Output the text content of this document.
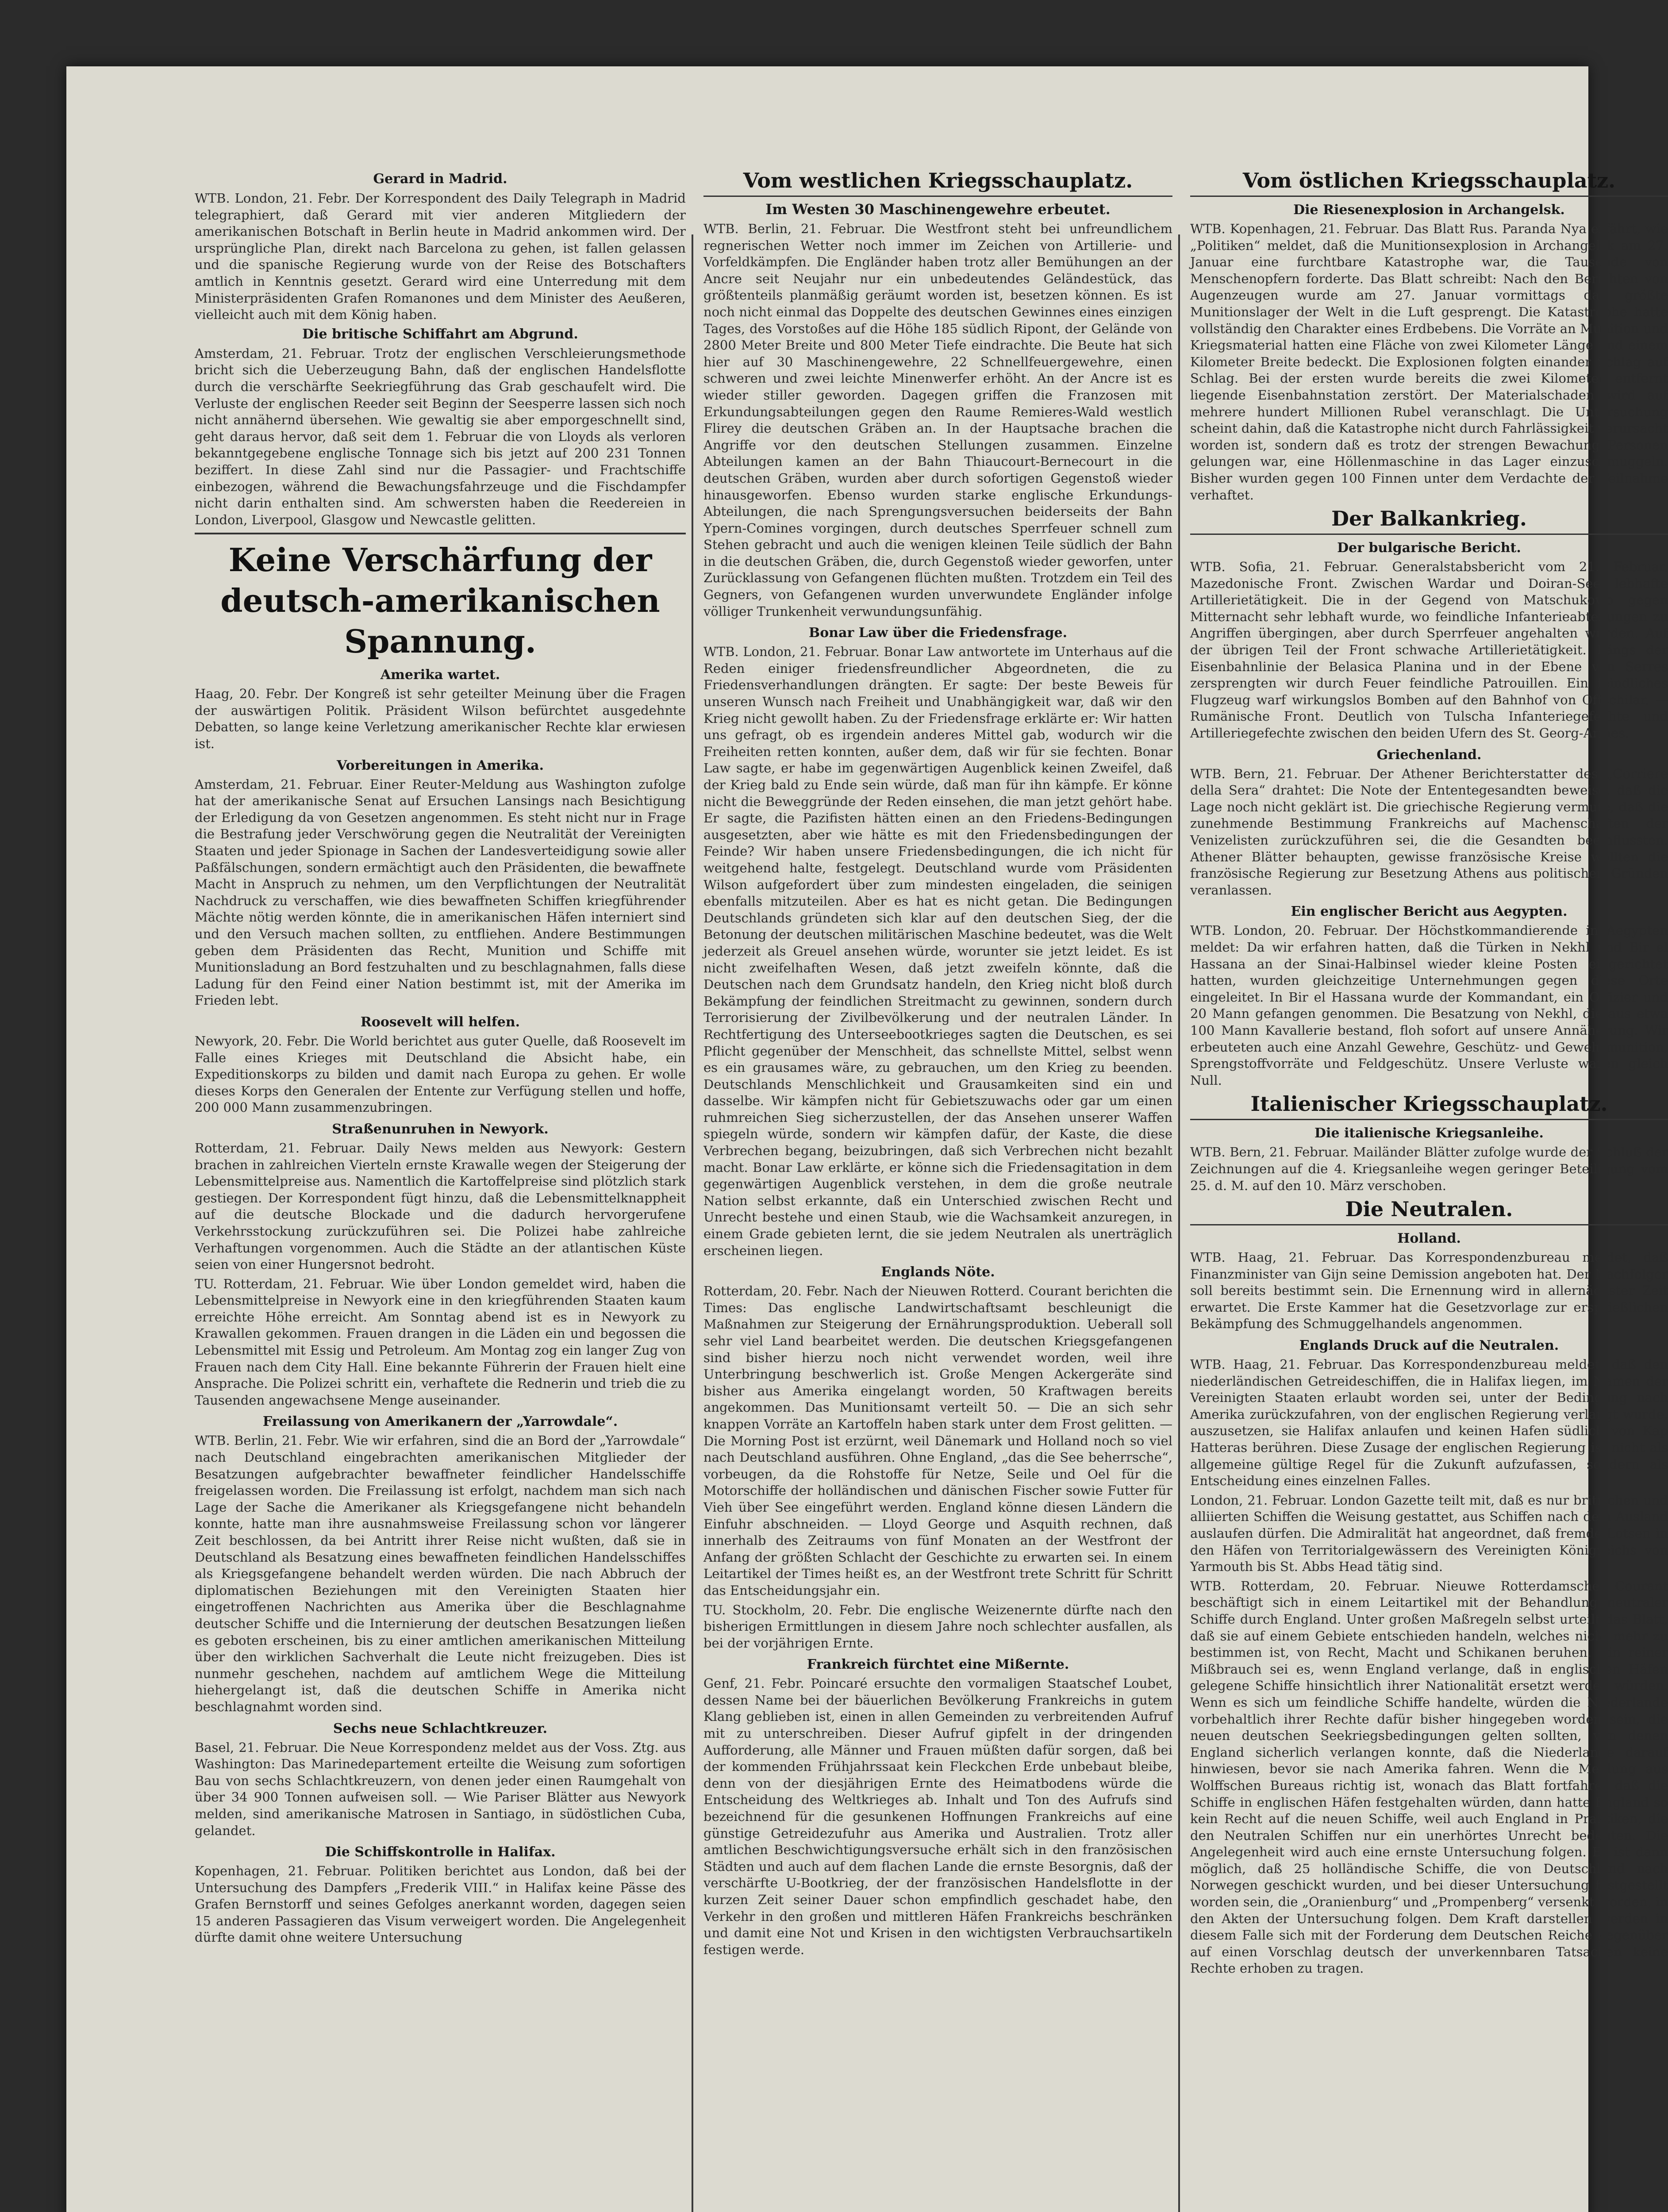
Gerard in Madrid.

WTB. London, 21. Febr. Der Korrespondent des Daily Telegraph in Madrid telegraphiert, daß Gerard mit vier anderen Mitgliedern der amerikanischen Botschaft in Berlin heute in Madrid ankommen wird. Der ursprüngliche Plan, direkt nach Barcelona zu gehen, ist fallen gelassen und die spanische Regierung wurde von der Reise des Botschafters amtlich in Kenntnis gesetzt. Gerard wird eine Unterredung mit dem Ministerpräsidenten Grafen Romanones und dem Minister des Aeußeren, vielleicht auch mit dem König haben.

Die britische Schiffahrt am Abgrund.

Amsterdam, 21. Februar. Trotz der englischen Verschleierungsmethode bricht sich die Ueberzeugung Bahn, daß der englischen Handelsflotte durch die verschärfte Seekriegführung das Grab geschaufelt wird. Die Verluste der englischen Reeder seit Beginn der Seesperre lassen sich noch nicht annähernd übersehen. Wie gewaltig sie aber emporgeschnellt sind, geht daraus hervor, daß seit dem 1. Februar die von Lloyds als verloren bekanntgegebene englische Tonnage sich bis jetzt auf 200 231 Tonnen beziffert. In diese Zahl sind nur die Passagier- und Frachtschiffe einbezogen, während die Bewachungsfahrzeuge und die Fischdampfer nicht darin enthalten sind. Am schwersten haben die Reedereien in London, Liverpool, Glasgow und Newcastle gelitten.

Keine Verschärfung der deutsch-amerikanischen Spannung.
Amerika wartet.

Haag, 20. Febr. Der Kongreß ist sehr geteilter Meinung über die Fragen der auswärtigen Politik. Präsident Wilson befürchtet ausgedehnte Debatten, so lange keine Verletzung amerikanischer Rechte klar erwiesen ist.

Vorbereitungen in Amerika.

Amsterdam, 21. Februar. Einer Reuter-Meldung aus Washington zufolge hat der amerikanische Senat auf Ersuchen Lansings nach Besichtigung der Erledigung da von Gesetzen angenommen. Es steht nicht nur in Frage die Bestrafung jeder Verschwörung gegen die Neutralität der Vereinigten Staaten und jeder Spionage in Sachen der Landesverteidigung sowie aller Paßfälschungen, sondern ermächtigt auch den Präsidenten, die bewaffnete Macht in Anspruch zu nehmen, um den Verpflichtungen der Neutralität Nachdruck zu verschaffen, wie dies bewaffneten Schiffen kriegführender Mächte nötig werden könnte, die in amerikanischen Häfen interniert sind und den Versuch machen sollten, zu entfliehen. Andere Bestimmungen geben dem Präsidenten das Recht, Munition und Schiffe mit Munitionsladung an Bord festzuhalten und zu beschlagnahmen, falls diese Ladung für den Feind einer Nation bestimmt ist, mit der Amerika im Frieden lebt.

Roosevelt will helfen.

Newyork, 20. Febr. Die World berichtet aus guter Quelle, daß Roosevelt im Falle eines Krieges mit Deutschland die Absicht habe, ein Expeditionskorps zu bilden und damit nach Europa zu gehen. Er wolle dieses Korps den Generalen der Entente zur Verfügung stellen und hoffe, 200 000 Mann zusammenzubringen.

Straßenunruhen in Newyork.

Rotterdam, 21. Februar. Daily News melden aus Newyork: Gestern brachen in zahlreichen Vierteln ernste Krawalle wegen der Steigerung der Lebensmittelpreise aus. Namentlich die Kartoffelpreise sind plötzlich stark gestiegen. Der Korrespondent fügt hinzu, daß die Lebensmittelknappheit auf die deutsche Blockade und die dadurch hervorgerufene Verkehrsstockung zurückzuführen sei. Die Polizei habe zahlreiche Verhaftungen vorgenommen. Auch die Städte an der atlantischen Küste seien von einer Hungersnot bedroht.

TU. Rotterdam, 21. Februar. Wie über London gemeldet wird, haben die Lebensmittelpreise in Newyork eine in den kriegführenden Staaten kaum erreichte Höhe erreicht. Am Sonntag abend ist es in Newyork zu Krawallen gekommen. Frauen drangen in die Läden ein und begossen die Lebensmittel mit Essig und Petroleum. Am Montag zog ein langer Zug von Frauen nach dem City Hall. Eine bekannte Führerin der Frauen hielt eine Ansprache. Die Polizei schritt ein, verhaftete die Rednerin und trieb die zu Tausenden angewachsene Menge auseinander.

Freilassung von Amerikanern der „Yarrowdale“.

WTB. Berlin, 21. Febr. Wie wir erfahren, sind die an Bord der „Yarrowdale“ nach Deutschland eingebrachten amerikanischen Mitglieder der Besatzungen aufgebrachter bewaffneter feindlicher Handelsschiffe freigelassen worden. Die Freilassung ist erfolgt, nachdem man sich nach Lage der Sache die Amerikaner als Kriegsgefangene nicht behandeln konnte, hatte man ihre ausnahmsweise Freilassung schon vor längerer Zeit beschlossen, da bei Antritt ihrer Reise nicht wußten, daß sie in Deutschland als Besatzung eines bewaffneten feindlichen Handelsschiffes als Kriegsgefangene behandelt werden würden. Die nach Abbruch der diplomatischen Beziehungen mit den Vereinigten Staaten hier eingetroffenen Nachrichten aus Amerika über die Beschlagnahme deutscher Schiffe und die Internierung der deutschen Besatzungen ließen es geboten erscheinen, bis zu einer amtlichen amerikanischen Mitteilung über den wirklichen Sachverhalt die Leute nicht freizugeben. Dies ist nunmehr geschehen, nachdem auf amtlichem Wege die Mitteilung hiehergelangt ist, daß die deutschen Schiffe in Amerika nicht beschlagnahmt worden sind.

Sechs neue Schlachtkreuzer.

Basel, 21. Februar. Die Neue Korrespondenz meldet aus der Voss. Ztg. aus Washington: Das Marinedepartement erteilte die Weisung zum sofortigen Bau von sechs Schlachtkreuzern, von denen jeder einen Raumgehalt von über 34 900 Tonnen aufweisen soll. — Wie Pariser Blätter aus Newyork melden, sind amerikanische Matrosen in Santiago, in südöstlichen Cuba, gelandet.

Die Schiffskontrolle in Halifax.

Kopenhagen, 21. Februar. Politiken berichtet aus London, daß bei der Untersuchung des Dampfers „Frederik VIII.“ in Halifax keine Pässe des Grafen Bernstorff und seines Gefolges anerkannt worden, dagegen seien 15 anderen Passagieren das Visum verweigert worden. Die Angelegenheit dürfte damit ohne weitere Untersuchung

Vom westlichen Kriegsschauplatz.
Im Westen 30 Maschinengewehre erbeutet.

WTB. Berlin, 21. Februar. Die Westfront steht bei unfreundlichem regnerischen Wetter noch immer im Zeichen von Artillerie- und Vorfeldkämpfen. Die Engländer haben trotz aller Bemühungen an der Ancre seit Neujahr nur ein unbedeutendes Geländestück, das größtenteils planmäßig geräumt worden ist, besetzen können. Es ist noch nicht einmal das Doppelte des deutschen Gewinnes eines einzigen Tages, des Vorstoßes auf die Höhe 185 südlich Ripont, der Gelände von 2800 Meter Breite und 800 Meter Tiefe eindrachte. Die Beute hat sich hier auf 30 Maschinengewehre, 22 Schnellfeuergewehre, einen schweren und zwei leichte Minenwerfer erhöht. An der Ancre ist es wieder stiller geworden. Dagegen griffen die Franzosen mit Erkundungsabteilungen gegen den Raume Remieres-Wald westlich Flirey die deutschen Gräben an. In der Hauptsache brachen die Angriffe vor den deutschen Stellungen zusammen. Einzelne Abteilungen kamen an der Bahn Thiaucourt-Bernecourt in die deutschen Gräben, wurden aber durch sofortigen Gegenstoß wieder hinausgeworfen. Ebenso wurden starke englische Erkundungs-Abteilungen, die nach Sprengungsversuchen beiderseits der Bahn Ypern-Comines vorgingen, durch deutsches Sperrfeuer schnell zum Stehen gebracht und auch die wenigen kleinen Teile südlich der Bahn in die deutschen Gräben, die, durch Gegenstoß wieder geworfen, unter Zurücklassung von Gefangenen flüchten mußten. Trotzdem ein Teil des Gegners, von Gefangenen wurden unverwundete Engländer infolge völliger Trunkenheit verwundungsunfähig.

Bonar Law über die Friedensfrage.

WTB. London, 21. Februar. Bonar Law antwortete im Unterhaus auf die Reden einiger friedensfreundlicher Abgeordneten, die zu Friedensverhandlungen drängten. Er sagte: Der beste Beweis für unseren Wunsch nach Freiheit und Unabhängigkeit war, daß wir den Krieg nicht gewollt haben. Zu der Friedensfrage erklärte er: Wir hatten uns gefragt, ob es irgendein anderes Mittel gab, wodurch wir die Freiheiten retten konnten, außer dem, daß wir für sie fechten. Bonar Law sagte, er habe im gegenwärtigen Augenblick keinen Zweifel, daß der Krieg bald zu Ende sein würde, daß man für ihn kämpfe. Er könne nicht die Beweggründe der Reden einsehen, die man jetzt gehört habe. Er sagte, die Pazifisten hätten einen an den Friedens-Bedingungen ausgesetzten, aber wie hätte es mit den Friedensbedingungen der Feinde? Wir haben unsere Friedensbedingungen, die ich nicht für weitgehend halte, festgelegt. Deutschland wurde vom Präsidenten Wilson aufgefordert über zum mindesten eingeladen, die seinigen ebenfalls mitzuteilen. Aber es hat es nicht getan. Die Bedingungen Deutschlands gründeten sich klar auf den deutschen Sieg, der die Betonung der deutschen militärischen Maschine bedeutet, was die Welt jederzeit als Greuel ansehen würde, worunter sie jetzt leidet. Es ist nicht zweifelhaften Wesen, daß jetzt zweifeln könnte, daß die Deutschen nach dem Grundsatz handeln, den Krieg nicht bloß durch Bekämpfung der feindlichen Streitmacht zu gewinnen, sondern durch Terrorisierung der Zivilbevölkerung und der neutralen Länder. In Rechtfertigung des Unterseebootkrieges sagten die Deutschen, es sei Pflicht gegenüber der Menschheit, das schnellste Mittel, selbst wenn es ein grausames wäre, zu gebrauchen, um den Krieg zu beenden. Deutschlands Menschlichkeit und Grausamkeiten sind ein und dasselbe. Wir kämpfen nicht für Gebietszuwachs oder gar um einen ruhmreichen Sieg sicherzustellen, der das Ansehen unserer Waffen spiegeln würde, sondern wir kämpfen dafür, der Kaste, die diese Verbrechen begang, beizubringen, daß sich Verbrechen nicht bezahlt macht. Bonar Law erklärte, er könne sich die Friedensagitation in dem gegenwärtigen Augenblick verstehen, in dem die große neutrale Nation selbst erkannte, daß ein Unterschied zwischen Recht und Unrecht bestehe und einen Staub, wie die Wachsamkeit anzuregen, in einem Grade gebieten lernt, die sie jedem Neutralen als unerträglich erscheinen liegen.

Englands Nöte.

Rotterdam, 20. Febr. Nach der Nieuwen Rotterd. Courant berichten die Times: Das englische Landwirtschaftsamt beschleunigt die Maßnahmen zur Steigerung der Ernährungsproduktion. Ueberall soll sehr viel Land bearbeitet werden. Die deutschen Kriegsgefangenen sind bisher hierzu noch nicht verwendet worden, weil ihre Unterbringung beschwerlich ist. Große Mengen Ackergeräte sind bisher aus Amerika eingelangt worden, 50 Kraftwagen bereits angekommen. Das Munitionsamt verteilt 50. — Die an sich sehr knappen Vorräte an Kartoffeln haben stark unter dem Frost gelitten. — Die Morning Post ist erzürnt, weil Dänemark und Holland noch so viel nach Deutschland ausführen. Ohne England, „das die See beherrsche“, vorbeugen, da die Rohstoffe für Netze, Seile und Oel für die Motorschiffe der holländischen und dänischen Fischer sowie Futter für Vieh über See eingeführt werden. England könne diesen Ländern die Einfuhr abschneiden. — Lloyd George und Asquith rechnen, daß innerhalb des Zeitraums von fünf Monaten an der Westfront der Anfang der größten Schlacht der Geschichte zu erwarten sei. In einem Leitartikel der Times heißt es, an der Westfront trete Schritt für Schritt das Entscheidungsjahr ein.

TU. Stockholm, 20. Febr. Die englische Weizenernte dürfte nach den bisherigen Ermittlungen in diesem Jahre noch schlechter ausfallen, als bei der vorjährigen Ernte.

Frankreich fürchtet eine Mißernte.

Genf, 21. Febr. Poincaré ersuchte den vormaligen Staatschef Loubet, dessen Name bei der bäuerlichen Bevölkerung Frankreichs in gutem Klang geblieben ist, einen in allen Gemeinden zu verbreitenden Aufruf mit zu unterschreiben. Dieser Aufruf gipfelt in der dringenden Aufforderung, alle Männer und Frauen müßten dafür sorgen, daß bei der kommenden Frühjahrssaat kein Fleckchen Erde unbebaut bleibe, denn von der diesjährigen Ernte des Heimatbodens würde die Entscheidung des Weltkrieges ab. Inhalt und Ton des Aufrufs sind bezeichnend für die gesunkenen Hoffnungen Frankreichs auf eine günstige Getreidezufuhr aus Amerika und Australien. Trotz aller amtlichen Beschwichtigungsversuche erhält sich in den französischen Städten und auch auf dem flachen Lande die ernste Besorgnis, daß der verschärfte U-Bootkrieg, der der französischen Handelsflotte in der kurzen Zeit seiner Dauer schon empfindlich geschadet habe, den Verkehr in den großen und mittleren Häfen Frankreichs beschränken und damit eine Not und Krisen in den wichtigsten Verbrauchsartikeln festigen werde.

Vom östlichen Kriegsschauplatz.
Die Riesenexplosion in Archangelsk.

WTB. Kopenhagen, 21. Februar. Das Blatt Rus. Paranda Nya erfährt, wie „Politiken“ meldet, daß die Munitionsexplosion in Archangelsk am 27. Januar eine furchtbare Katastrophe war, die Tausende von Menschenopfern forderte. Das Blatt schreibt: Nach den Berichten von Augenzeugen wurde am 27. Januar vormittags das größte Munitionslager der Welt in die Luft gesprengt. Die Katastrophe hatte vollständig den Charakter eines Erdbebens. Die Vorräte an Munition und Kriegsmaterial hatten eine Fläche von zwei Kilometer Länge und einem Kilometer Breite bedeckt. Die Explosionen folgten einander Schlag auf Schlag. Bei der ersten wurde bereits die zwei Kilometer entfernt liegende Eisenbahnstation zerstört. Der Materialschaden wird auf mehrere hundert Millionen Rubel veranschlagt. Die Untersuchung scheint dahin, daß die Katastrophe nicht durch Fahrlässigkeit verursacht worden ist, sondern daß es trotz der strengen Bewachung Personen gelungen war, eine Höllenmaschine in das Lager einzuschmuggeln. Bisher wurden gegen 100 Finnen unter dem Verdachte der Teilnahme verhaftet.

Der Balkankrieg.
Der bulgarische Bericht.

WTB. Sofia, 21. Februar. Generalstabsbericht vom 21. Februar. Mazedonische Front. Zwischen Wardar und Doiran-See lebhafte Artillerietätigkeit. Die in der Gegend von Matschukowo gegen Mitternacht sehr lebhaft wurde, wo feindliche Infanterieabteilungen zu Angriffen übergingen, aber durch Sperrfeuer angehalten wurden. Auf der übrigen Teil der Front schwache Artillerietätigkeit. Längs der Eisenbahnlinie der Belasica Planina und in der Ebene von Serres zersprengten wir durch Feuer feindliche Patrouillen. Ein feindliches Flugzeug warf wirkungslos Bomben auf den Bahnhof von Oftschilar. — Rumänische Front. Deutlich von Tulscha Infanteriegefechte und Artilleriegefechte zwischen den beiden Ufern des St. Georg-Armes.

Griechenland.

WTB. Bern, 21. Februar. Der Athener Berichterstatter des „Corriere della Sera“ drahtet: Die Note der Ententegesandten beweise, daß die Lage noch nicht geklärt ist. Die griechische Regierung vermute, daß die zunehmende Bestimmung Frankreichs auf Machenschaften der Venizelisten zurückzuführen sei, die die Gesandten beeinflussten. Athener Blätter behaupten, gewisse französische Kreise wollten die französische Regierung zur Besetzung Athens aus politischen Gründen veranlassen.

Ein englischer Bericht aus Aegypten.

WTB. London, 20. Februar. Der Höchstkommandierende in Aegypten meldet: Da wir erfahren hatten, daß die Türken in Nekhl und Bir el Hassana an der Sinai-Halbinsel wieder kleine Posten eingerichtet hatten, wurden gleichzeitige Unternehmungen gegen diese Orte eingeleitet. In Bir el Hassana wurde der Kommandant, ein Offizier und 20 Mann gefangen genommen. Die Besatzung von Nekhl, die aus etwa 100 Mann Kavallerie bestand, floh sofort auf unsere Annäherung. Wir erbeuteten auch eine Anzahl Gewehre, Geschütz- und Gewehrmunition, Sprengstoffvorräte und Feldgeschütz. Unsere Verluste waren gleich Null.

Italienischer Kriegsschauplatz.
Die italienische Kriegsanleihe.

WTB. Bern, 21. Februar. Mailänder Blätter zufolge wurde der Schluß der Zeichnungen auf die 4. Kriegsanleihe wegen geringer Beteiligung vom 25. d. M. auf den 10. März verschoben.

Die Neutralen.
Holland.

WTB. Haag, 21. Februar. Das Korrespondenzbureau meldet, daß Finanzminister van Gijn seine Demission angeboten hat. Der Nachfolger soll bereits bestimmt sein. Die Ernennung wird in allernächster Zeit erwartet. Die Erste Kammer hat die Gesetzvorlage zur ersprießlichen Bekämpfung des Schmuggelhandels angenommen.

Englands Druck auf die Neutralen.

WTB. Haag, 21. Februar. Das Korrespondenzbureau meldet, daß den niederländischen Getreideschiffen, die in Halifax liegen, im Namen der Vereinigten Staaten erlaubt worden sei, unter der Bedingung nach Amerika zurückzufahren, von der englischen Regierung verlangt wurde, auszusetzen, sie Halifax anlaufen und keinen Hafen südlich von Kap Hatteras berühren. Diese Zusage der englischen Regierung ist nicht als allgemeine gültige Regel für die Zukunft aufzufassen, sondern als Entscheidung eines einzelnen Falles.

London, 21. Februar. London Gazette teilt mit, daß es nur britischen und alliierten Schiffen die Weisung gestattet, aus Schiffen nach dem Ausland auslaufen dürfen. Die Admiralität hat angeordnet, daß fremde Lotsen in den Häfen von Territorialgewässern des Vereinigten Königreichs von Yarmouth bis St. Abbs Head tätig sind.

WTB. Rotterdam, 20. Februar. Nieuwe Rotterdamsche Courant beschäftigt sich in einem Leitartikel mit der Behandlung neutraler Schiffe durch England. Unter großen Maßregeln selbst urteilt das Blatt, daß sie auf einem Gebiete entschieden handeln, welches nicht mehr zu bestimmen ist, von Recht, Macht und Schikanen beruhen. Ein reiner Mißbrauch sei es, wenn England verlange, daß in englischen Häfen gelegene Schiffe hinsichtlich ihrer Nationalität ersetzt werden würden. Wenn es sich um feindliche Schiffe handelte, würden die Niederlande vorbehaltlich ihrer Rechte dafür bisher hingegeben worden sein, die neuen deutschen Seekriegsbedingungen gelten sollten, von denen England sicherlich verlangen konnte, daß die Niederlande darauf hinwiesen, bevor sie nach Amerika fahren. Wenn die Meldung aus Wolffschen Bureaus richtig ist, wonach das Blatt fortfahre, daß die Schiffe in englischen Häfen festgehalten würden, dann hatte England so kein Recht auf die neuen Schiffe, weil auch England in Praktiken, die den Neutralen Schiffen nur ein unerhörtes Unrecht bedeuten. Die Angelegenheit wird auch eine ernste Untersuchung folgen. Es ist dann möglich, daß 25 holländische Schiffe, die von Deutschland nach Norwegen geschickt wurden, und bei dieser Untersuchung festgestellt worden sein, die „Oranienburg“ und „Prompenberg“ versenkt worden, in den Akten der Untersuchung folgen. Dem Kraft darstellen werden in diesem Falle sich mit der Forderung dem Deutschen Reiche gegenüber auf einen Vorschlag deutsch der unverkennbaren Tatsachen keine Rechte erhoben zu tragen.
